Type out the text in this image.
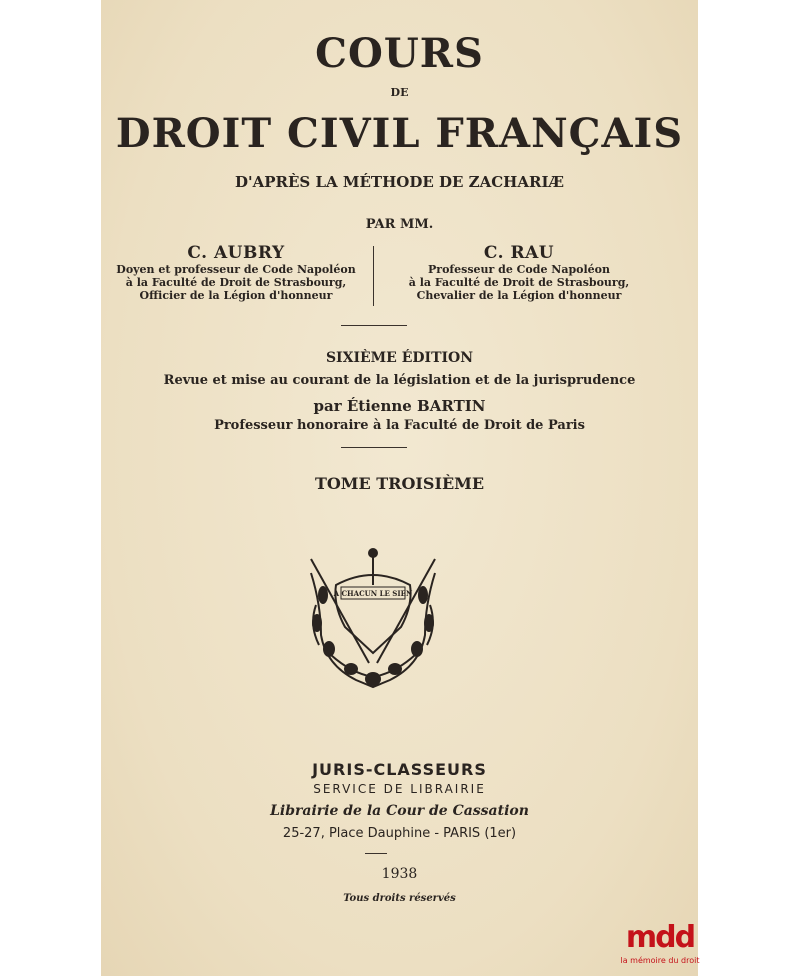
COURS
DE
DROIT CIVIL FRANÇAIS
D'APRÈS LA MÉTHODE DE ZACHARIÆ
PAR MM.
C. AUBRY
Doyen et professeur de Code Napoléon
à la Faculté de Droit de Strasbourg,
Officier de la Légion d'honneur
C. RAU
Professeur de Code Napoléon
à la Faculté de Droit de Strasbourg,
Chevalier de la Légion d'honneur
SIXIÈME ÉDITION
Revue et mise au courant de la législation et de la jurisprudence
par Étienne BARTIN
Professeur honoraire à la Faculté de Droit de Paris
TOME TROISIÈME
A CHACUN LE SIEN
JURIS-CLASSEURS
SERVICE DE LIBRAIRIE
Librairie de la Cour de Cassation
25-27, Place Dauphine - PARIS (1er)
1938
Tous droits réservés
mdd
la mémoire du droit
